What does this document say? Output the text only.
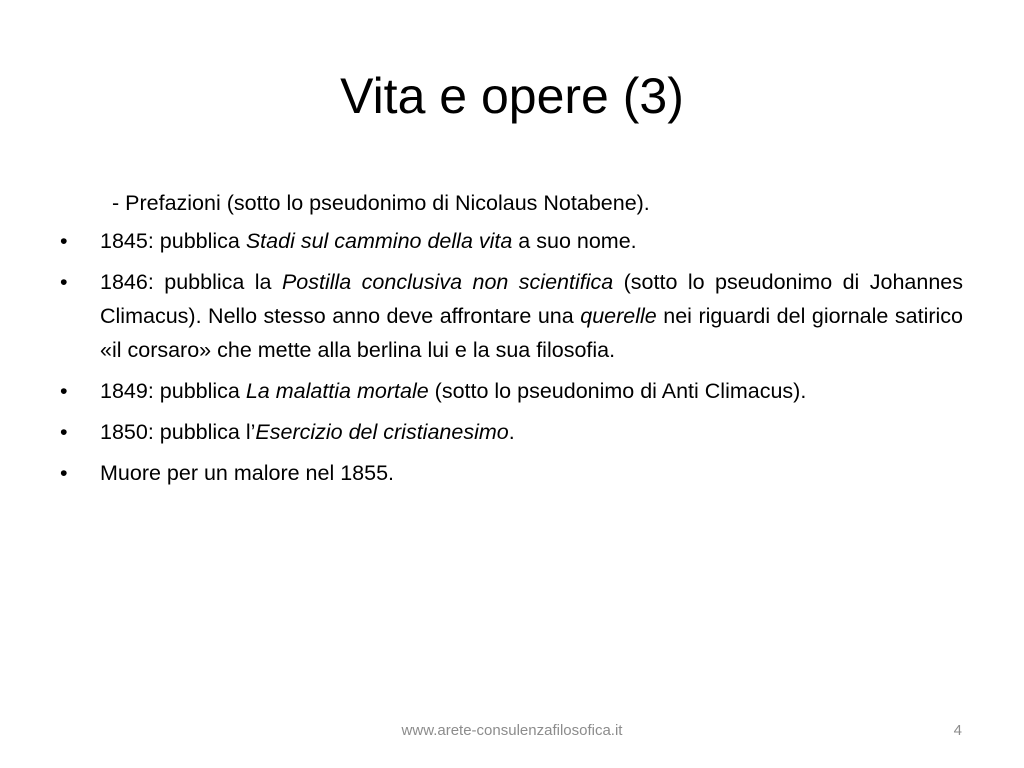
Vita e opere (3)
- Prefazioni (sotto lo pseudonimo di Nicolaus Notabene).
• 1845: pubblica Stadi sul cammino della vita a suo nome.
• 1846: pubblica la Postilla conclusiva non scientifica (sotto lo pseudonimo di Johannes Climacus). Nello stesso anno deve affrontare una querelle nei riguardi del giornale satirico «il corsaro» che mette alla berlina lui e la sua filosofia.
• 1849: pubblica La malattia mortale (sotto lo pseudonimo di Anti Climacus).
• 1850: pubblica l’Esercizio del cristianesimo.
• Muore per un malore nel 1855.
www.arete-consulenzafilosofica.it	4
